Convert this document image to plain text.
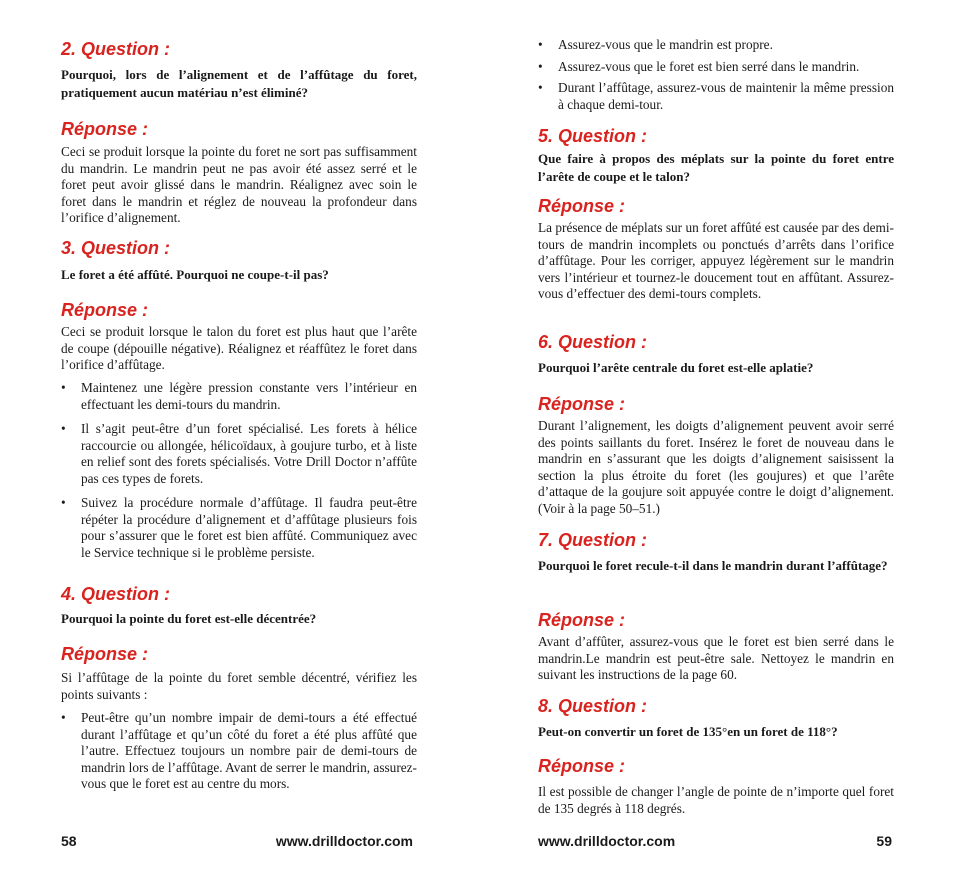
2. Question :
Pourquoi, lors de l’alignement et de l’affûtage du foret, pratiquement aucun matériau n’est éliminé?
Réponse :
Ceci se produit lorsque la pointe du foret ne sort pas suffisamment du mandrin. Le mandrin peut ne pas avoir été assez serré et le foret peut avoir glissé dans le mandrin. Réalignez avec soin le foret dans le mandrin et réglez de nouveau la profondeur dans l’orifice d’alignement.
3. Question :
Le foret a été affûté. Pourquoi ne coupe-t-il pas?
Réponse :
Ceci se produit lorsque le talon du foret est plus haut que l’arête de coupe (dépouille négative). Réalignez et réaffûtez le foret dans l’orifice d’affûtage.
• Maintenez une légère pression constante vers l’intérieur en effectuant les demi-tours du mandrin.
• Il s’agit peut-être d’un foret spécialisé. Les forets à hélice raccourcie ou allongée, hélicoïdaux, à goujure turbo, et à liste en relief sont des forets spécialisés. Votre Drill Doctor n’affûte pas ces types de forets.
• Suivez la procédure normale d’affûtage. Il faudra peut-être répéter la procédure d’alignement et d’affûtage plusieurs fois pour s’assurer que le foret est bien affûté. Communiquez avec le Service technique si le problème persiste.
4. Question :
Pourquoi la pointe du foret est-elle décentrée?
Réponse :
Si l’affûtage de la pointe du foret semble décentré, vérifiez les points suivants :
• Peut-être qu’un nombre impair de demi-tours a été effectué durant l’affûtage et qu’un côté du foret a été plus affûté que l’autre. Effectuez toujours un nombre pair de demi-tours de mandrin lors de l’affûtage. Avant de serrer le mandrin, assurez-vous que le foret est au centre du mors.
58	www.drilldoctor.com
• Assurez-vous que le mandrin est propre.
• Assurez-vous que le foret est bien serré dans le mandrin.
• Durant l’affûtage, assurez-vous de maintenir la même pression à chaque demi-tour.
5. Question :
Que faire à propos des méplats sur la pointe du foret entre l’arête de coupe et le talon?
Réponse :
La présence de méplats sur un foret affûté est causée par des demi-tours de mandrin incomplets ou ponctués d’arrêts dans l’orifice d’affûtage. Pour les corriger, appuyez légèrement sur le mandrin vers l’intérieur et tournez-le doucement tout en affûtant. Assurez-vous d’effectuer des demi-tours complets.
6. Question :
Pourquoi l’arête centrale du foret est-elle aplatie?
Réponse :
Durant l’alignement, les doigts d’alignement peuvent avoir serré des points saillants du foret. Insérez le foret de nouveau dans le mandrin en s’assurant que les doigts d’alignement saisissent la section la plus étroite du foret (les goujures) et que l’arête d’attaque de la goujure soit appuyée contre le doigt d’alignement. (Voir à la page 50–51.)
7. Question :
Pourquoi le foret recule-t-il dans le mandrin durant l’affûtage?
Réponse :
Avant d’affûter, assurez-vous que le foret est bien serré dans le mandrin.Le mandrin est peut-être sale. Nettoyez le mandrin en suivant les instructions de la page 60.
8. Question :
Peut-on convertir un foret de 135°en un foret de 118°?
Réponse :
Il est possible de changer l’angle de pointe de n’importe quel foret de 135 degrés à 118 degrés.
www.drilldoctor.com	59
